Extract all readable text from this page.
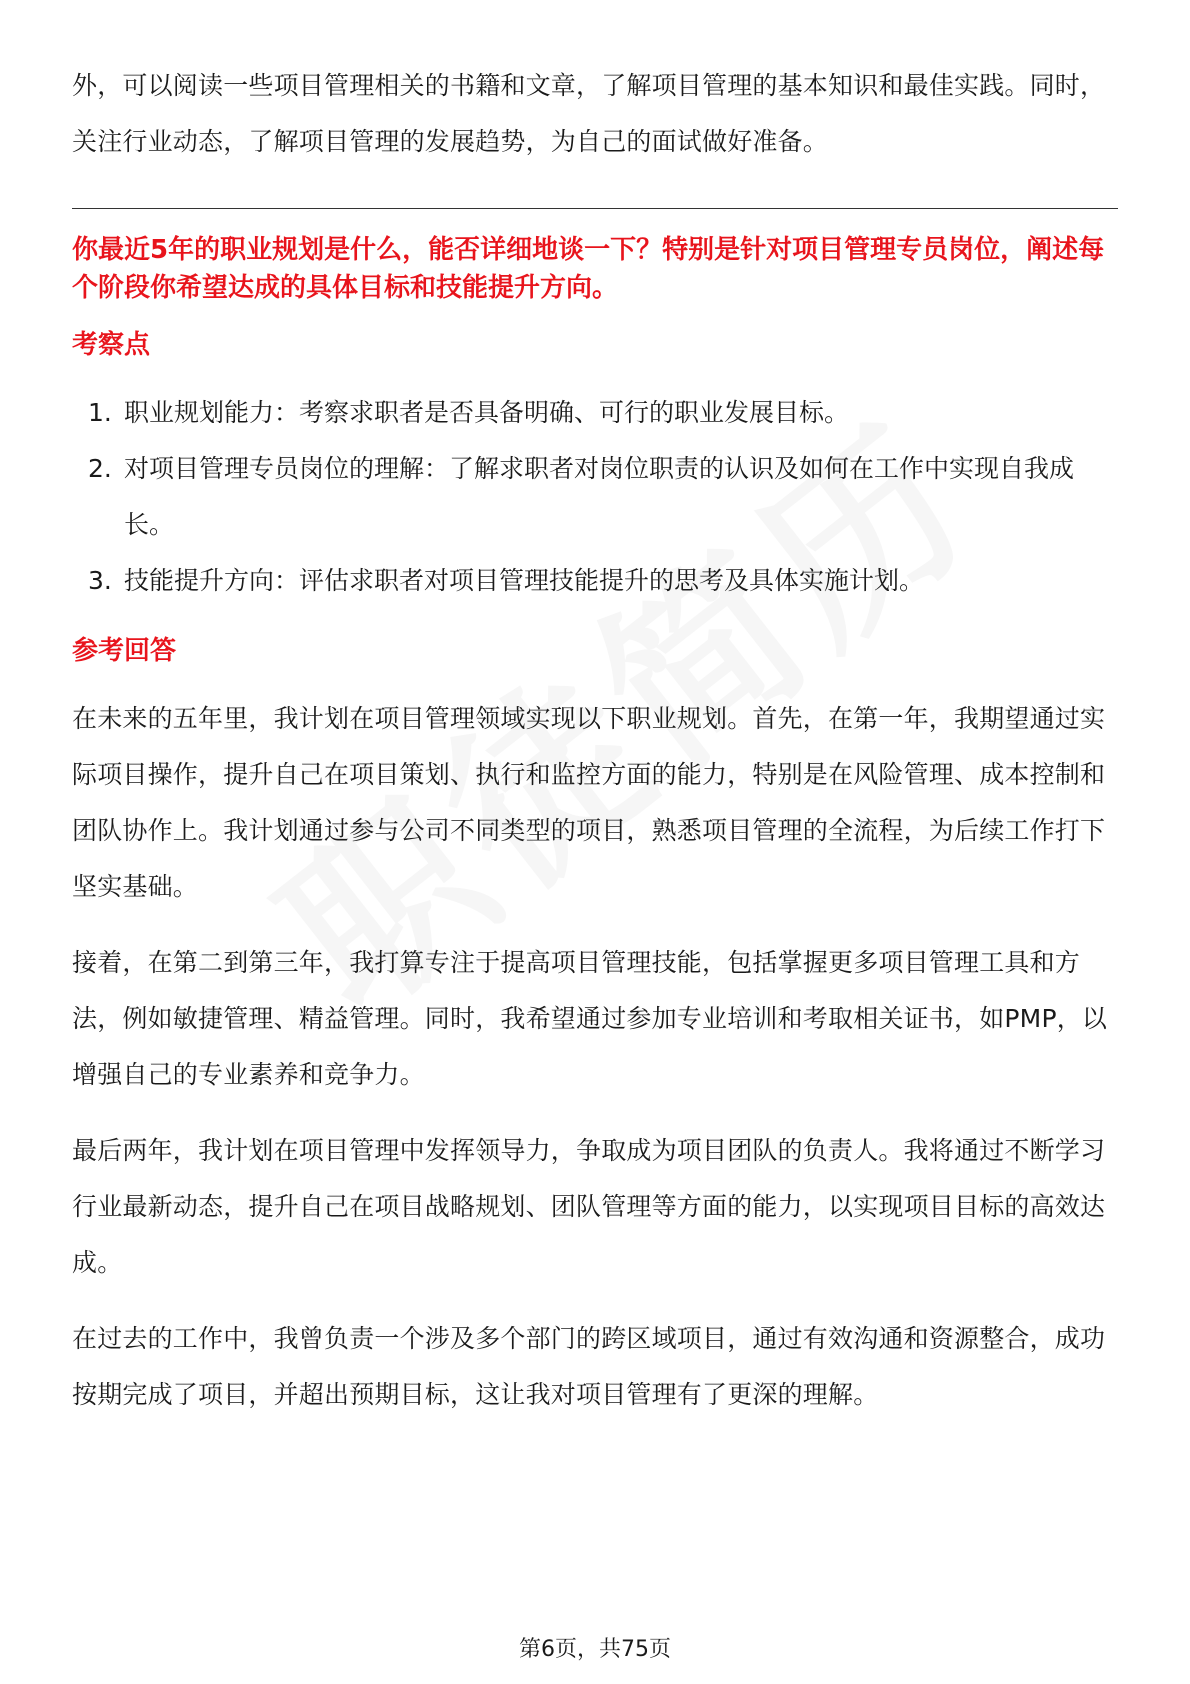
外，可以阅读一些项目管理相关的书籍和文章，了解项目管理的基本知识和最佳实践。同时，关注行业动态，了解项目管理的发展趋势，为自己的面试做好准备。

你最近5年的职业规划是什么，能否详细地谈一下？特别是针对项目管理专员岗位，阐述每个阶段你希望达成的具体目标和技能提升方向。

考察点
1. 职业规划能力：考察求职者是否具备明确、可行的职业发展目标。
2. 对项目管理专员岗位的理解：了解求职者对岗位职责的认识及如何在工作中实现自我成长。
3. 技能提升方向：评估求职者对项目管理技能提升的思考及具体实施计划。
参考回答

在未来的五年里，我计划在项目管理领域实现以下职业规划。首先，在第一年，我期望通过实际项目操作，提升自己在项目策划、执行和监控方面的能力，特别是在风险管理、成本控制和团队协作上。我计划通过参与公司不同类型的项目，熟悉项目管理的全流程，为后续工作打下坚实基础。

接着，在第二到第三年，我打算专注于提高项目管理技能，包括掌握更多项目管理工具和方法，例如敏捷管理、精益管理。同时，我希望通过参加专业培训和考取相关证书，如PMP，以增强自己的专业素养和竞争力。

最后两年，我计划在项目管理中发挥领导力，争取成为项目团队的负责人。我将通过不断学习行业最新动态，提升自己在项目战略规划、团队管理等方面的能力，以实现项目目标的高效达成。

在过去的工作中，我曾负责一个涉及多个部门的跨区域项目，通过有效沟通和资源整合，成功按期完成了项目，并超出预期目标，这让我对项目管理有了更深的理解。

第6页，共75页
